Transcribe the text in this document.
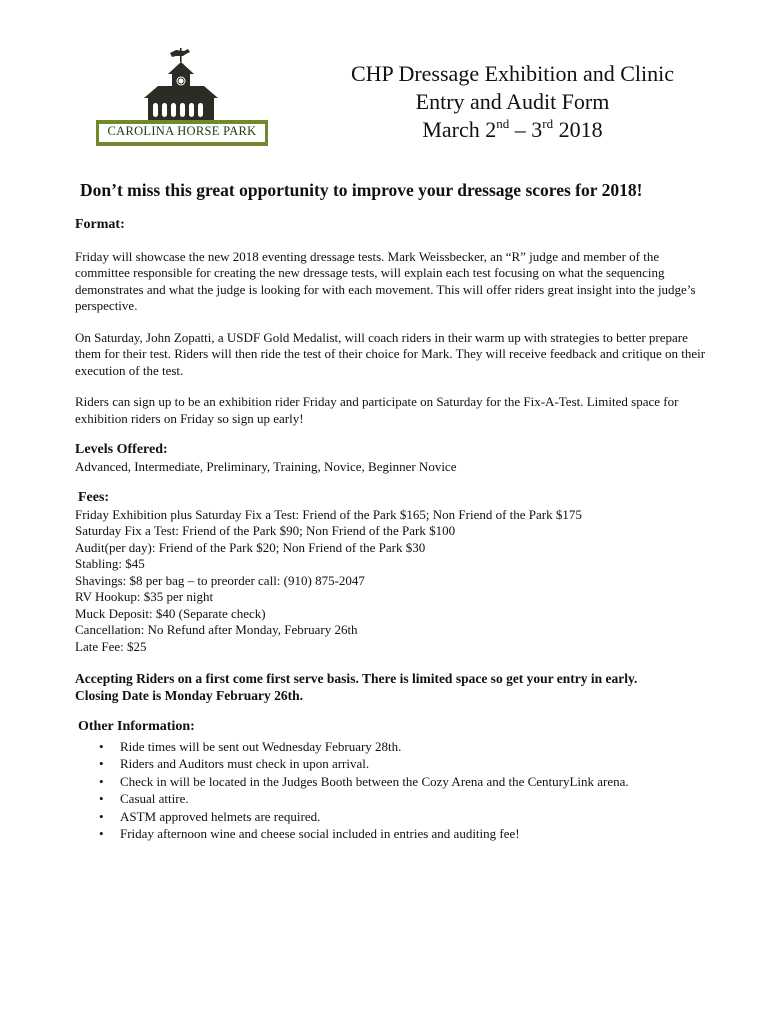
CAROLINA HORSE PARK
CHP Dressage Exhibition and Clinic
Entry and Audit Form
March 2nd – 3rd 2018
Don’t miss this great opportunity to improve your dressage scores for 2018!

Format:

Friday will showcase the new 2018 eventing dressage tests. Mark Weissbecker, an “R” judge and member of the committee responsible for creating the new dressage tests, will explain each test focusing on what the sequencing demonstrates and what the judge is looking for with each movement. This will offer riders great insight into the judge’s perspective.

On Saturday, John Zopatti, a USDF Gold Medalist, will coach riders in their warm up with strategies to better prepare them for their test. Riders will then ride the test of their choice for Mark. They will receive feedback and critique on their execution of the test.

Riders can sign up to be an exhibition rider Friday and participate on Saturday for the Fix-A-Test. Limited space for exhibition riders on Friday so sign up early!

Levels Offered:

Advanced, Intermediate, Preliminary, Training, Novice, Beginner Novice

Fees:

Friday Exhibition plus Saturday Fix a Test: Friend of the Park $165; Non Friend of the Park $175

Saturday Fix a Test: Friend of the Park $90; Non Friend of the Park $100

Audit(per day): Friend of the Park $20; Non Friend of the Park $30

Stabling: $45

Shavings: $8 per bag – to preorder call: (910) 875-2047

RV Hookup: $35 per night

Muck Deposit: $40 (Separate check)

Cancellation: No Refund after Monday, February 26th

Late Fee: $25

Accepting Riders on a first come first serve basis. There is limited space so get your entry in early.

Closing Date is Monday February 26th.

Other Information:

• Ride times will be sent out Wednesday February 28th.
• Riders and Auditors must check in upon arrival.
• Check in will be located in the Judges Booth between the Cozy Arena and the CenturyLink arena.
• Casual attire.
• ASTM approved helmets are required.
• Friday afternoon wine and cheese social included in entries and auditing fee!
